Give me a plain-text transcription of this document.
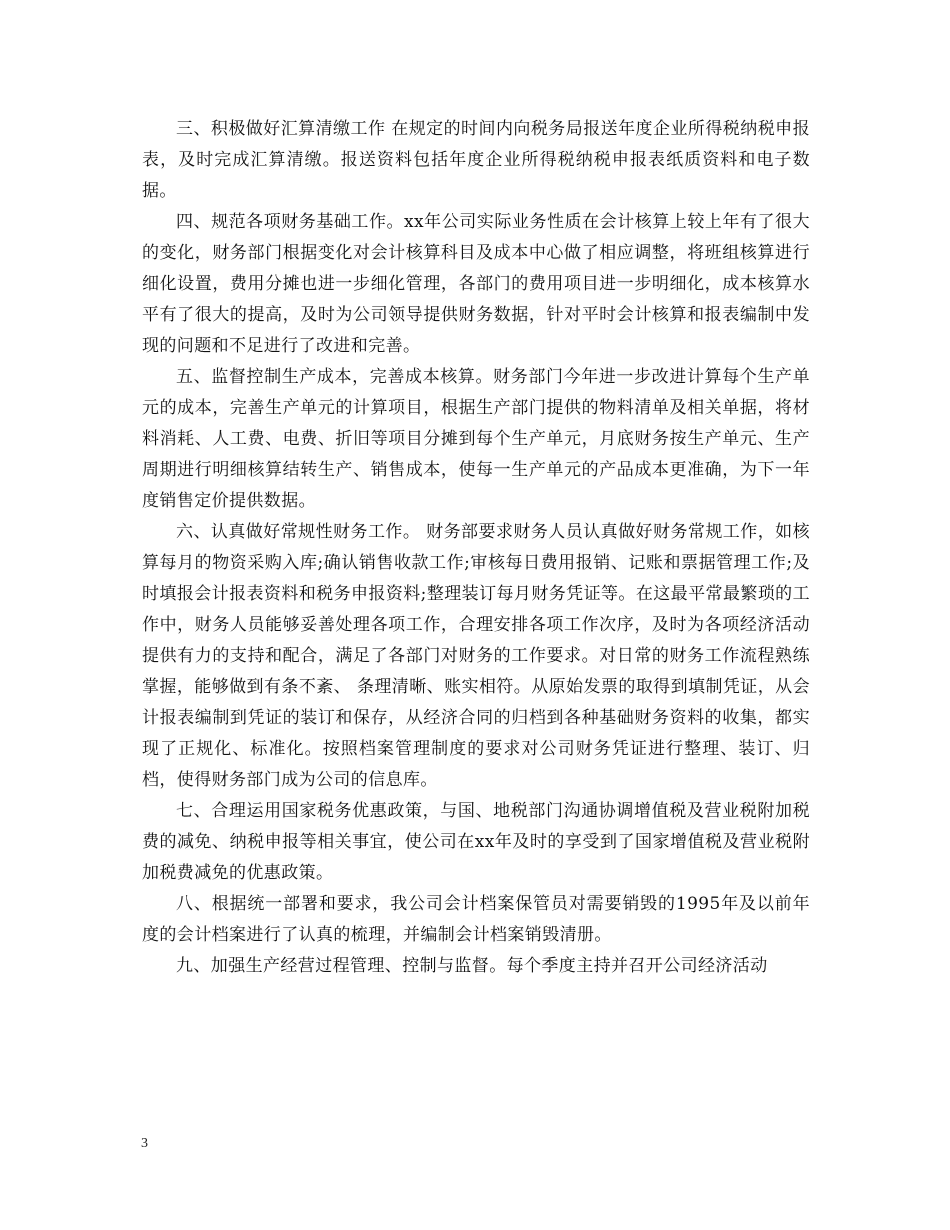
三、积极做好汇算清缴工作 在规定的时间内向税务局报送年度企业所得税纳税申报表，及时完成汇算清缴。报送资料包括年度企业所得税纳税申报表纸质资料和电子数据。

四、规范各项财务基础工作。xx年公司实际业务性质在会计核算上较上年有了很大的变化，财务部门根据变化对会计核算科目及成本中心做了相应调整，将班组核算进行细化设置，费用分摊也进一步细化管理，各部门的费用项目进一步明细化，成本核算水平有了很大的提高，及时为公司领导提供财务数据，针对平时会计核算和报表编制中发现的问题和不足进行了改进和完善。

五、监督控制生产成本，完善成本核算。财务部门今年进一步改进计算每个生产单元的成本，完善生产单元的计算项目，根据生产部门提供的物料清单及相关单据，将材料消耗、人工费、电费、折旧等项目分摊到每个生产单元，月底财务按生产单元、生产周期进行明细核算结转生产、销售成本，使每一生产单元的产品成本更准确，为下一年度销售定价提供数据。

六、认真做好常规性财务工作。 财务部要求财务人员认真做好财务常规工作，如核算每月的物资采购入库;确认销售收款工作;审核每日费用报销、记账和票据管理工作;及时填报会计报表资料和税务申报资料;整理装订每月财务凭证等。在这最平常最繁琐的工作中，财务人员能够妥善处理各项工作，合理安排各项工作次序，及时为各项经济活动提供有力的支持和配合，满足了各部门对财务的工作要求。对日常的财务工作流程熟练掌握，能够做到有条不紊、 条理清晰、账实相符。从原始发票的取得到填制凭证，从会计报表编制到凭证的装订和保存，从经济合同的归档到各种基础财务资料的收集，都实现了正规化、标准化。按照档案管理制度的要求对公司财务凭证进行整理、装订、归档，使得财务部门成为公司的信息库。

七、合理运用国家税务优惠政策，与国、地税部门沟通协调增值税及营业税附加税费的减免、纳税申报等相关事宜，使公司在xx年及时的享受到了国家增值税及营业税附加税费减免的优惠政策。

八、根据统一部署和要求，我公司会计档案保管员对需要销毁的1995年及以前年度的会计档案进行了认真的梳理，并编制会计档案销毁清册。

九、加强生产经营过程管理、控制与监督。每个季度主持并召开公司经济活动

3
